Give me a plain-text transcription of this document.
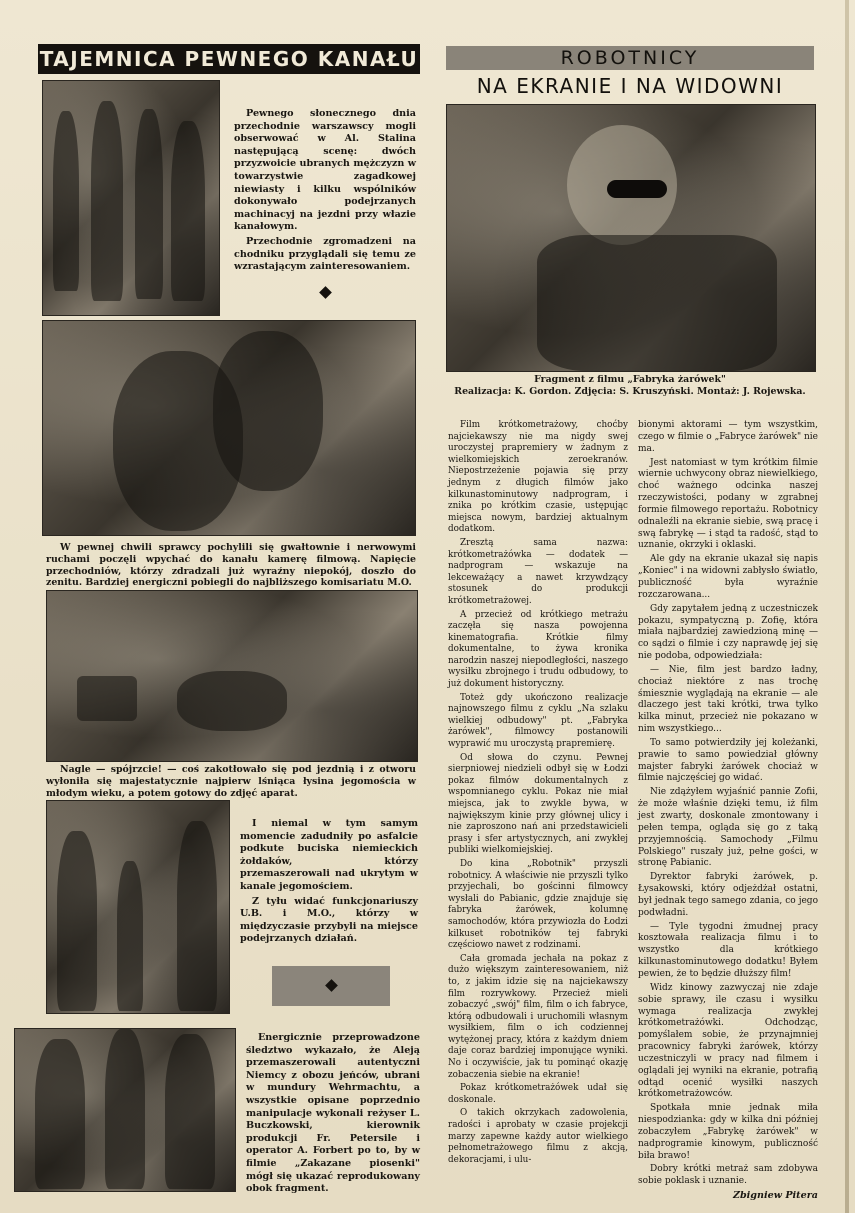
TAJEMNICA PEWNEGO KANAŁU

Pewnego słonecznego dnia przechodnie warszawscy mogli obserwować w Al. Stalina następującą scenę: dwóch przyzwoicie ubranych mężczyzn w towarzystwie zagadkowej niewiasty i kilku wspólników dokonywało podejrzanych machinacyj na jezdni przy włazie kanałowym.

Przechodnie zgromadzeni na chodniku przyglądali się temu ze wzrastającym zainteresowaniem.

W pewnej chwili sprawcy pochylili się gwałtownie i nerwowymi ruchami poczęli wpychać do kanału kamerę filmową. Napięcie przechodniów, którzy zdradzali już wyraźny niepokój, doszło do zenitu. Bardziej energiczni pobiegli do najbliższego komisariatu M.O.

Nagle — spójrzcie! — coś zakotłowało się pod jezdnią i z otworu wyłoniła się majestatycznie najpierw lśniąca łysina jegomościa w młodym wieku, a potem gotowy do zdjęć aparat.

I niemal w tym samym momencie zadudniły po asfalcie podkute buciska niemieckich żołdaków, którzy przemaszerowali nad ukrytym w kanale jegomościem.

Z tyłu widać funkcjonariuszy U.B. i M.O., którzy w międzyczasie przybyli na miejsce podejrzanych działań.

Energicznie przeprowadzone śledztwo wykazało, że Aleją przemaszerowali autentyczni Niemcy z obozu jeńców, ubrani w mundury Wehrmachtu, a wszystkie opisane poprzednio manipulacje wykonali reżyser L. Buczkowski, kierownik produkcji Fr. Petersile i operator A. Forbert po to, by w filmie „Zakazane piosenki" mógł się ukazać reprodukowany obok fragment.

ROBOTNICY
NA EKRANIE I NA WIDOWNI
Fragment z filmu „Fabryka żarówek"
Realizacja: K. Gordon. Zdjęcia: S. Kruszyński. Montaż: J. Rojewska.

Film krótkometrażowy, choćby najciekawszy nie ma nigdy swej uroczystej prapremiery w żadnym z wielkomiejskich zeroekranów. Niepostrzeżenie pojawia się przy jednym z długich filmów jako kilkunastominutowy nadprogram, i znika po krótkim czasie, ustępując miejsca nowym, bardziej aktualnym dodatkom.

Zresztą sama nazwa: krótkometrażówka — dodatek — nadprogram — wskazuje na lekceważący a nawet krzywdzący stosunek do produkcji krótkometrażowej.

A przecież od krótkiego metrażu zaczęła się nasza powojenna kinematografia. Krótkie filmy dokumentalne, to żywa kronika narodzin naszej niepodległości, naszego wysiłku zbrojnego i trudu odbudowy, to już dokument historyczny.

Toteż gdy ukończono realizacje najnowszego filmu z cyklu „Na szlaku wielkiej odbudowy" pt. „Fabryka żarówek", filmowcy postanowili wyprawić mu uroczystą prapremierę.

Od słowa do czynu. Pewnej sierpniowej niedzieli odbył się w Łodzi pokaz filmów dokumentalnych z wspomnianego cyklu. Pokaz nie miał miejsca, jak to zwykle bywa, w największym kinie przy głównej ulicy i nie zaproszono nań ani przedstawicieli prasy i sfer artystycznych, ani zwykłej publiki wielkomiejskiej.

Do kina „Robotnik" przyszli robotnicy. A właściwie nie przyszli tylko przyjechali, bo gościnni filmowcy wysłali do Pabianic, gdzie znajduje się fabryka żarówek, kolumnę samochodów, która przywiozła do Łodzi kilkuset robotników tej fabryki częściowo nawet z rodzinami.

Cała gromada jechała na pokaz z dużo większym zainteresowaniem, niż to, z jakim idzie się na najciekawszy film rozrywkowy. Przecież mieli zobaczyć „swój" film, film o ich fabryce, którą odbudowali i uruchomili własnym wysiłkiem, film o ich codziennej wytężonej pracy, która z każdym dniem daje coraz bardziej imponujące wyniki. No i oczywiście, jak tu pominąć okazję zobaczenia siebie na ekranie!

Pokaz krótkometrażówek udał się doskonale.

O takich okrzykach zadowolenia, radości i aprobaty w czasie projekcji marzy zapewne każdy autor wielkiego pełnometrażowego filmu z akcją, dekoracjami, i ulu-

bionymi aktorami — tym wszystkim, czego w filmie o „Fabryce żarówek" nie ma.

Jest natomiast w tym krótkim filmie wiernie uchwycony obraz niewielkiego, choć ważnego odcinka naszej rzeczywistości, podany w zgrabnej formie filmowego reportażu. Robotnicy odnaleźli na ekranie siebie, swą pracę i swą fabrykę — i stąd ta radość, stąd to uznanie, okrzyki i oklaski.

Ale gdy na ekranie ukazał się napis „Koniec" i na widowni zabłysło światło, publiczność była wyraźnie rozczarowana...

Gdy zapytałem jedną z uczestniczek pokazu, sympatyczną p. Zofię, która miała najbardziej zawiedzioną minę — co sądzi o filmie i czy naprawdę jej się nie podoba, odpowiedziała:

— Nie, film jest bardzo ładny, chociaż niektóre z nas trochę śmiesznie wyglądają na ekranie — ale dlaczego jest taki krótki, trwa tylko kilka minut, przecież nie pokazano w nim wszystkiego...

To samo potwierdziły jej koleżanki, prawie to samo powiedział główny majster fabryki żarówek chociaż w filmie najczęściej go widać.

Nie zdążyłem wyjaśnić pannie Zofii, że może właśnie dzięki temu, iż film jest zwarty, doskonale zmontowany i pełen tempa, ogląda się go z taką przyjemnością. Samochody „Filmu Polskiego" ruszały już, pełne gości, w stronę Pabianic.

Dyrektor fabryki żarówek, p. Łysakowski, który odjeżdżał ostatni, był jednak tego samego zdania, co jego podwładni.

— Tyle tygodni żmudnej pracy kosztowała realizacja filmu i to wszystko dla krótkiego kilkunastominutowego dodatku! Byłem pewien, że to będzie dłuższy film!

Widz kinowy zazwyczaj nie zdaje sobie sprawy, ile czasu i wysiłku wymaga realizacja zwykłej krótkometrażówki. Odchodząc, pomyślałem sobie, że przynajmniej pracownicy fabryki żarówek, którzy uczestniczyli w pracy nad filmem i oglądali jej wyniki na ekranie, potrafią odtąd ocenić wysiłki naszych krótkometrażowców.

Spotkała mnie jednak miła niespodzianka: gdy w kilka dni później zobaczyłem „Fabrykę żarówek" w nadprogramie kinowym, publiczność biła brawo!

Dobry krótki metraż sam zdobywa sobie poklask i uznanie.

Zbigniew Pitera
